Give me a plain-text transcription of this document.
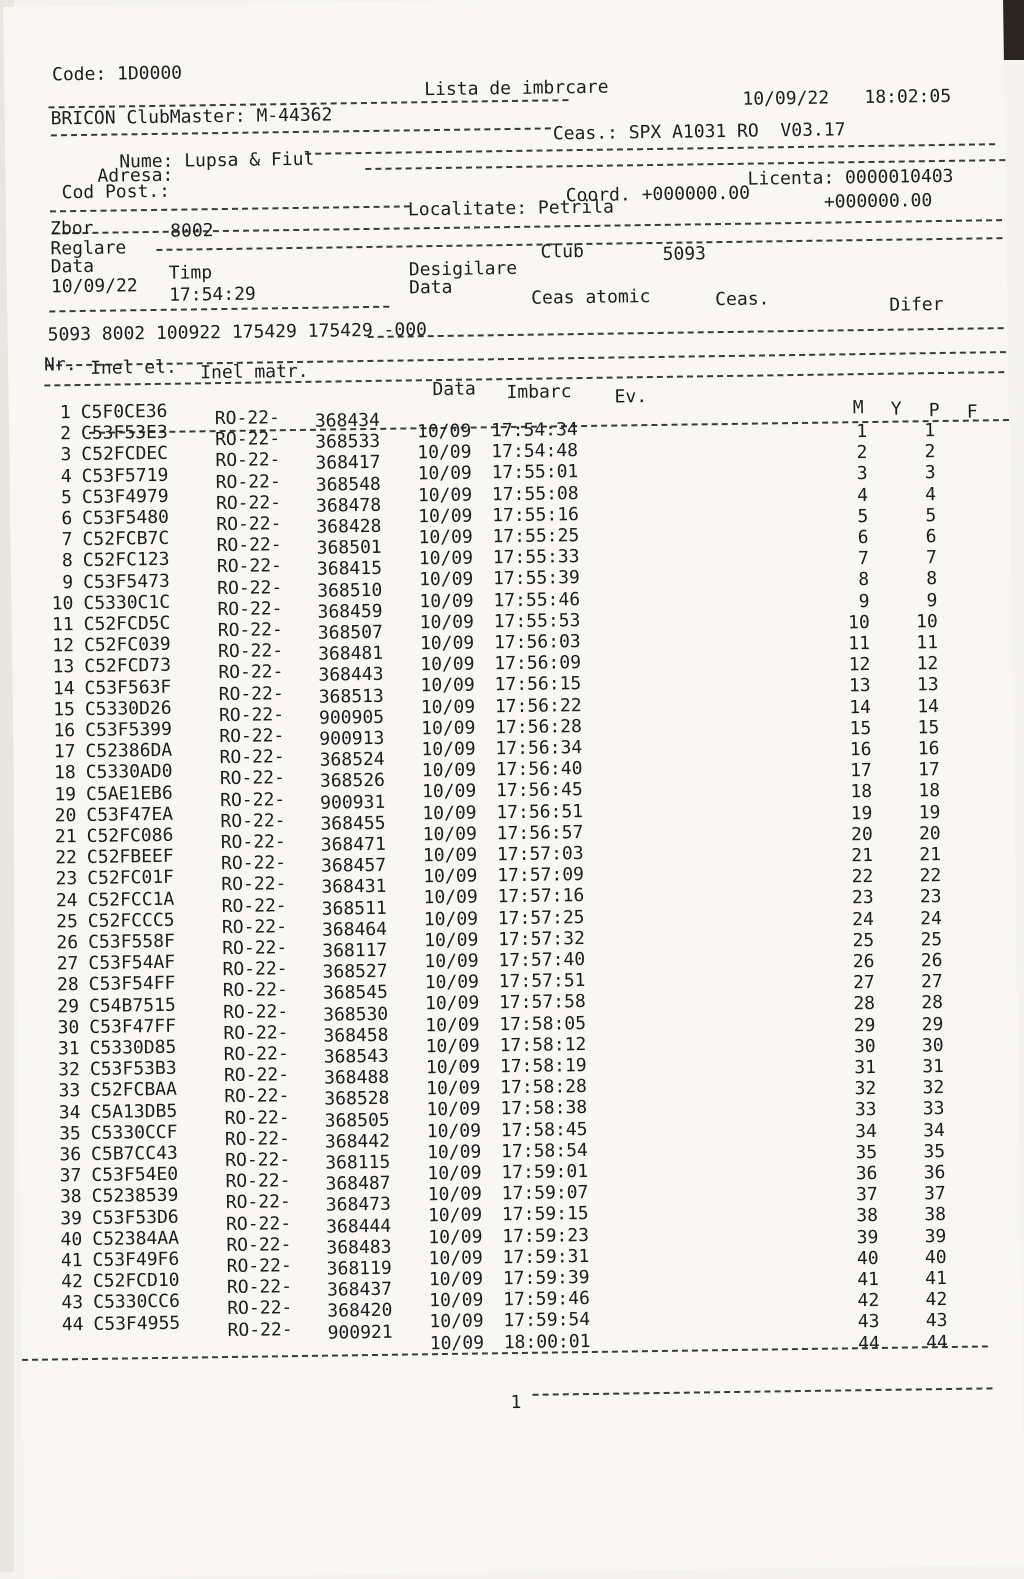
Code: 1D0000
Lista de imbrcare	10/09/22 18:02:05
BRICON ClubMaster: M-44362
Ceas.: SPX A1031 RO  V03.17
Nume: Lupsa & Fiul
Adresa:
Cod Post.:
Licenta: 0000010403
Coord. +000000.00	+000000.00
Localitate: Petrila
Zbor	8002
Reglare	Club	5093
Data	Timp	Desigilare
10/09/22 17:54:29	Data	Ceas atomic	Ceas.	Difer
5093 8002 100922 175429 175429 -000
Nr. Inel el. Inel matr.
Data Imbarc Ev.
M Y P F
1 C5F0CE36	RO-22- 368434 10/09 17:54:34	1	1
2 C53F53E3	RO-22- 368533 10/09 17:54:48	2	2
3 C52FCDEC	RO-22- 368417 10/09 17:55:01	3	3
4 C53F5719	RO-22- 368548 10/09 17:55:08	4	4
5 C53F4979	RO-22- 368478 10/09 17:55:16	5	5
6 C53F5480	RO-22- 368428 10/09 17:55:25	6	6
7 C52FCB7C	RO-22- 368501 10/09 17:55:33	7	7
8 C52FC123	RO-22- 368415 10/09 17:55:39	8	8
9 C53F5473	RO-22- 368510 10/09 17:55:46	9	9
10 C5330C1C	RO-22- 368459 10/09 17:55:53	10	10
11 C52FCD5C	RO-22- 368507 10/09 17:56:03	11	11
12 C52FC039	RO-22- 368481 10/09 17:56:09	12	12
13 C52FCD73	RO-22- 368443 10/09 17:56:15	13	13
14 C53F563F	RO-22- 368513 10/09 17:56:22	14	14
15 C5330D26	RO-22- 900905 10/09 17:56:28	15	15
16 C53F5399	RO-22- 900913 10/09 17:56:34	16	16
17 C52386DA	RO-22- 368524 10/09 17:56:40	17	17
18 C5330AD0	RO-22- 368526 10/09 17:56:45	18	18
19 C5AE1EB6	RO-22- 900931 10/09 17:56:51	19	19
20 C53F47EA	RO-22- 368455 10/09 17:56:57	20	20
21 C52FC086	RO-22- 368471 10/09 17:57:03	21	21
22 C52FBEEF	RO-22- 368457 10/09 17:57:09	22	22
23 C52FC01F	RO-22- 368431 10/09 17:57:16	23	23
24 C52FCC1A	RO-22- 368511 10/09 17:57:25	24	24
25 C52FCCC5	RO-22- 368464 10/09 17:57:32	25	25
26 C53F558F	RO-22- 368117 10/09 17:57:40	26	26
27 C53F54AF	RO-22- 368527 10/09 17:57:51	27	27
28 C53F54FF	RO-22- 368545 10/09 17:57:58	28	28
29 C54B7515	RO-22- 368530 10/09 17:58:05	29	29
30 C53F47FF	RO-22- 368458 10/09 17:58:12	30	30
31 C5330D85	RO-22- 368543 10/09 17:58:19	31	31
32 C53F53B3	RO-22- 368488 10/09 17:58:28	32	32
33 C52FCBAA	RO-22- 368528 10/09 17:58:38	33	33
34 C5A13DB5	RO-22- 368505 10/09 17:58:45	34	34
35 C5330CCF	RO-22- 368442 10/09 17:58:54	35	35
36 C5B7CC43	RO-22- 368115 10/09 17:59:01	36	36
37 C53F54E0	RO-22- 368487 10/09 17:59:07	37	37
38 C5238539	RO-22- 368473 10/09 17:59:15	38	38
39 C53F53D6	RO-22- 368444 10/09 17:59:23	39	39
40 C52384AA	RO-22- 368483 10/09 17:59:31	40	40
41 C53F49F6	RO-22- 368119 10/09 17:59:39	41	41
42 C52FCD10	RO-22- 368437 10/09 17:59:46	42	42
43 C5330CC6	RO-22- 368420 10/09 17:59:54	43	43
44 C53F4955	RO-22- 900921 10/09 18:00:01	44	44
1
